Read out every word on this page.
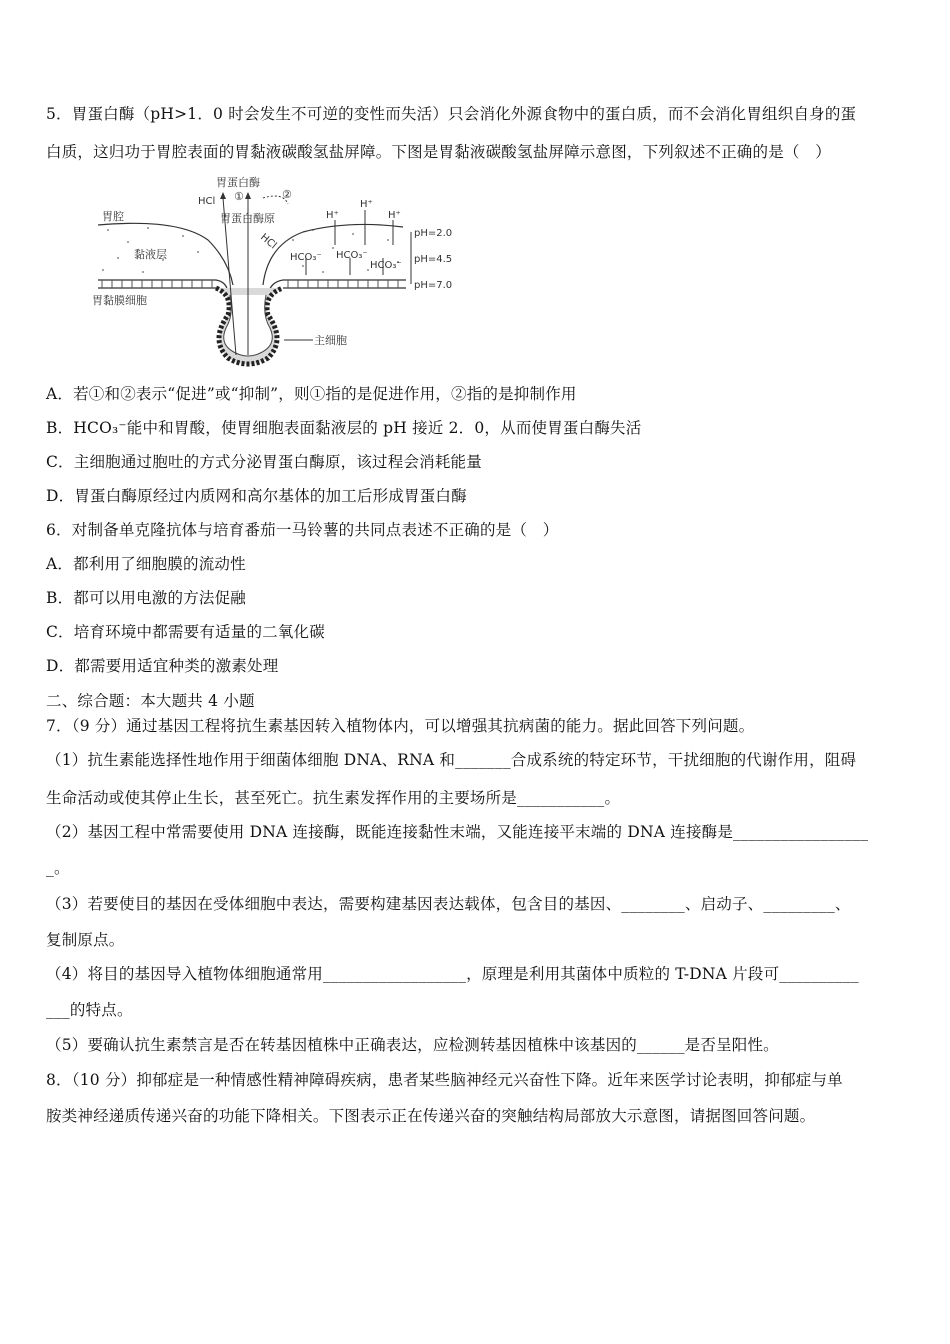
5．胃蛋白酶（pH>1．0 时会发生不可逆的变性而失活）只会消化外源食物中的蛋白质，而不会消化胃组织自身的蛋
白质，这归功于胃腔表面的胃黏液碳酸氢盐屏障。下图是胃黏液碳酸氢盐屏障示意图，下列叙述不正确的是（　）
胃蛋白酶
HCl ①	②
胃蛋白酶原
胃腔
HCl
H⁺
H⁺
H⁺
pH=2.0
pH=4.5
pH=7.0
黏液层	HCO₃⁻ HCO₃⁻
HCO₃⁻
胃黏膜细胞
主细胞
A．若①和②表示“促进”或“抑制”，则①指的是促进作用，②指的是抑制作用
B．HCO₃⁻能中和胃酸，使胃细胞表面黏液层的 pH 接近 2．0，从而使胃蛋白酶失活
C．主细胞通过胞吐的方式分泌胃蛋白酶原，该过程会消耗能量
D．胃蛋白酶原经过内质网和高尔基体的加工后形成胃蛋白酶
6．对制备单克隆抗体与培育番茄一马铃薯的共同点表述不正确的是（　）
A．都利用了细胞膜的流动性
B．都可以用电激的方法促融
C．培育环境中都需要有适量的二氧化碳
D．都需要用适宜种类的激素处理
二、综合题：本大题共 4 小题
7．（9 分）通过基因工程将抗生素基因转入植物体内，可以增强其抗病菌的能力。据此回答下列问题。
（1）抗生素能选择性地作用于细菌体细胞 DNA、RNA 和_______合成系统的特定环节，干扰细胞的代谢作用，阻碍
生命活动或使其停止生长，甚至死亡。抗生素发挥作用的主要场所是___________。
（2）基因工程中常需要使用 DNA 连接酶，既能连接黏性末端，又能连接平末端的 DNA 连接酶是_________________
_。
（3）若要使目的基因在受体细胞中表达，需要构建基因表达载体，包含目的基因、________、启动子、_________、
复制原点。
（4）将目的基因导入植物体细胞通常用__________________，原理是利用其菌体中质粒的 T-DNA 片段可__________
___的特点。
（5）要确认抗生素禁言是否在转基因植株中正确表达，应检测转基因植株中该基因的______是否呈阳性。
8．（10 分）抑郁症是一种情感性精神障碍疾病，患者某些脑神经元兴奋性下降。近年来医学讨论表明，抑郁症与单
胺类神经递质传递兴奋的功能下降相关。下图表示正在传递兴奋的突触结构局部放大示意图，请据图回答问题。
